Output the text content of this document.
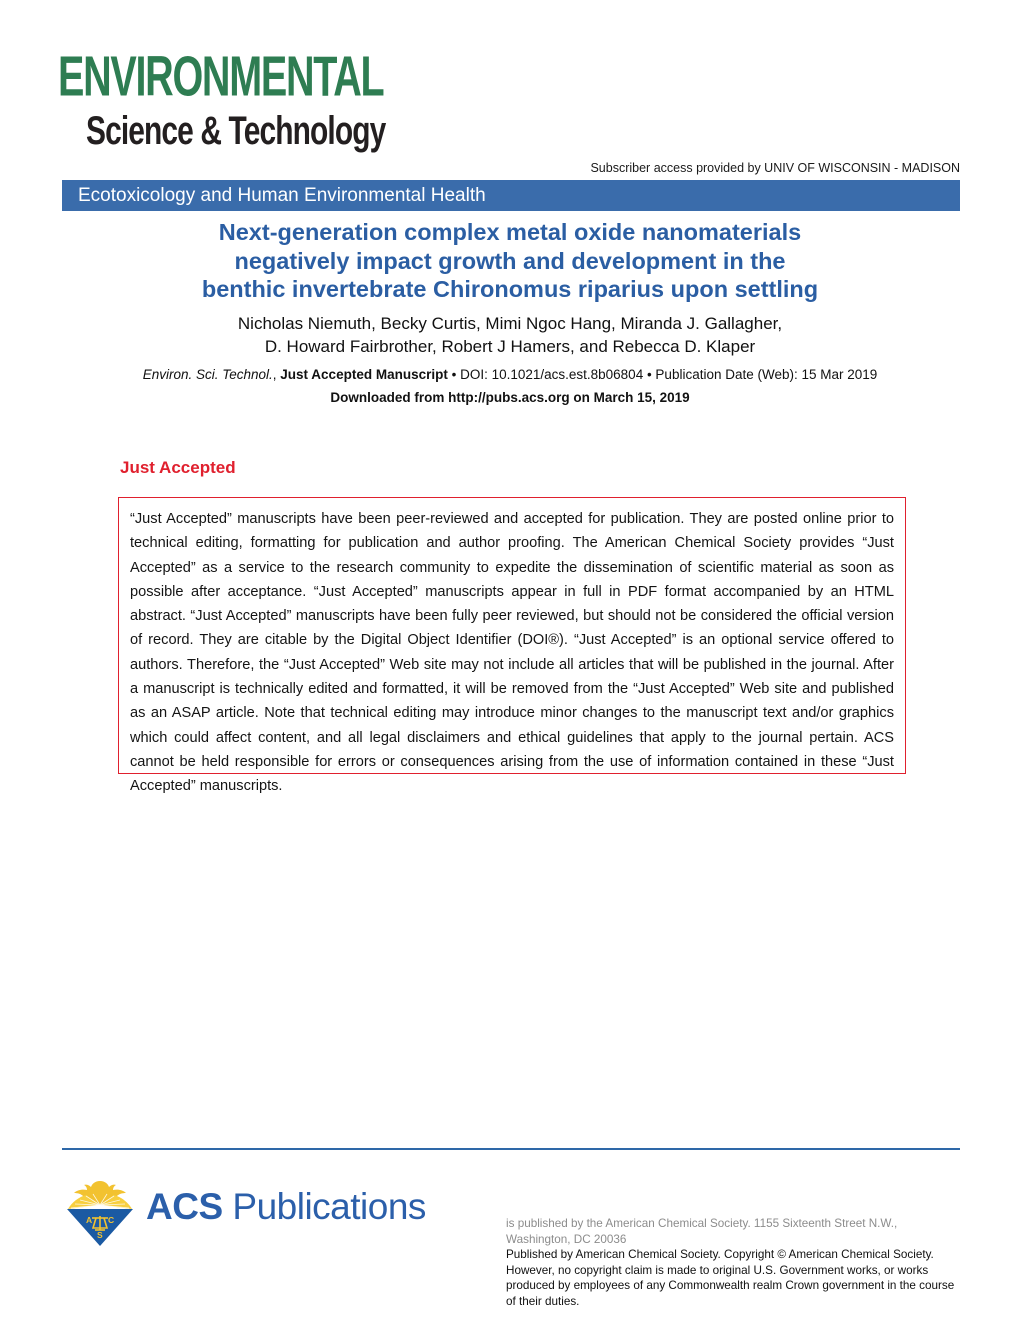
ENVIRONMENTAL
Science & Technology
Subscriber access provided by UNIV OF WISCONSIN - MADISON
Ecotoxicology and Human Environmental Health
Next-generation complex metal oxide nanomaterials
negatively impact growth and development in the
benthic invertebrate Chironomus riparius upon settling
Nicholas Niemuth, Becky Curtis, Mimi Ngoc Hang, Miranda J. Gallagher,
D. Howard Fairbrother, Robert J Hamers, and Rebecca D. Klaper
Environ. Sci. Technol., Just Accepted Manuscript • DOI: 10.1021/acs.est.8b06804 • Publication Date (Web): 15 Mar 2019
Downloaded from http://pubs.acs.org on March 15, 2019
Just Accepted

“Just Accepted” manuscripts have been peer-reviewed and accepted for publication. They are posted online prior to technical editing, formatting for publication and author proofing. The American Chemical Society provides “Just Accepted” as a service to the research community to expedite the dissemination of scientific material as soon as possible after acceptance. “Just Accepted” manuscripts appear in full in PDF format accompanied by an HTML abstract. “Just Accepted” manuscripts have been fully peer reviewed, but should not be considered the official version of record. They are citable by the Digital Object Identifier (DOI®). “Just Accepted” is an optional service offered to authors. Therefore, the “Just Accepted” Web site may not include all articles that will be published in the journal. After a manuscript is technically edited and formatted, it will be removed from the “Just Accepted” Web site and published as an ASAP article. Note that technical editing may introduce minor changes to the manuscript text and/or graphics which could affect content, and all legal disclaimers and ethical guidelines that apply to the journal pertain. ACS cannot be held responsible for errors or consequences arising from the use of information contained in these “Just Accepted” manuscripts.

A C
S
ACS Publications	is published by the American Chemical Society. 1155 Sixteenth Street N.W.,
Washington, DC 20036
Published by American Chemical Society. Copyright © American Chemical Society.
However, no copyright claim is made to original U.S. Government works, or works
produced by employees of any Commonwealth realm Crown government in the course
of their duties.
